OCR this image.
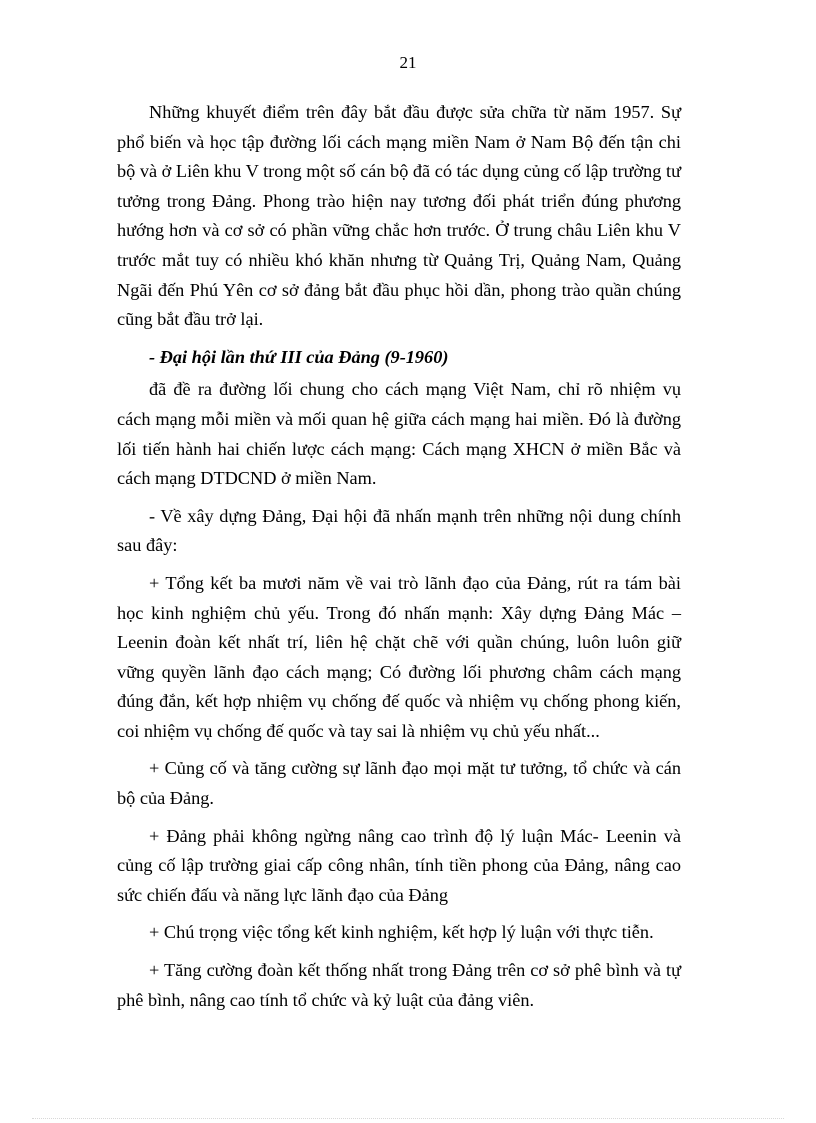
21

Những khuyết điểm trên đây bắt đầu được sửa chữa từ năm 1957. Sự phổ biến và học tập đường lối cách mạng miền Nam ở Nam Bộ đến tận chi bộ và ở Liên khu V trong một số cán bộ đã có tác dụng củng cố lập trường tư tưởng trong Đảng. Phong trào hiện nay tương đối phát triển đúng phương hướng hơn và cơ sở có phần vững chắc hơn trước. Ở trung châu Liên khu V trước mắt tuy có nhiều khó khăn nhưng từ Quảng Trị, Quảng Nam, Quảng Ngãi đến Phú Yên cơ sở đảng bắt đầu phục hồi dần, phong trào quần chúng cũng bắt đầu trở lại.

- Đại hội lần thứ III của Đảng (9-1960)

đã đề ra đường lối chung cho cách mạng Việt Nam, chỉ rõ nhiệm vụ cách mạng mỗi miền và mối quan hệ giữa cách mạng hai miền. Đó là đường lối tiến hành hai chiến lược cách mạng: Cách mạng XHCN ở miền Bắc và cách mạng DTDCND ở miền Nam.

- Về xây dựng Đảng, Đại hội đã nhấn mạnh trên những nội dung chính sau đây:

+ Tổng kết ba mươi năm về vai trò lãnh đạo của Đảng, rút ra tám bài học kinh nghiệm chủ yếu. Trong đó nhấn mạnh: Xây dựng Đảng Mác – Leenin đoàn kết nhất trí, liên hệ chặt chẽ với quần chúng, luôn luôn giữ vững quyền lãnh đạo cách mạng; Có đường lối phương châm cách mạng đúng đắn, kết hợp nhiệm vụ chống đế quốc và nhiệm vụ chống phong kiến, coi nhiệm vụ chống đế quốc và tay sai là nhiệm vụ chủ yếu nhất...

+ Củng cố và tăng cường sự lãnh đạo mọi mặt tư tưởng, tổ chức và cán bộ của Đảng.

+ Đảng phải không ngừng nâng cao trình độ lý luận Mác- Leenin và củng cố lập trường giai cấp công nhân, tính tiền phong của Đảng, nâng cao sức chiến đấu và năng lực lãnh đạo của Đảng

+ Chú trọng việc tổng kết kinh nghiệm, kết hợp lý luận với thực tiễn.

+ Tăng cường đoàn kết thống nhất trong Đảng trên cơ sở phê bình và tự phê bình, nâng cao tính tổ chức và kỷ luật của đảng viên.
